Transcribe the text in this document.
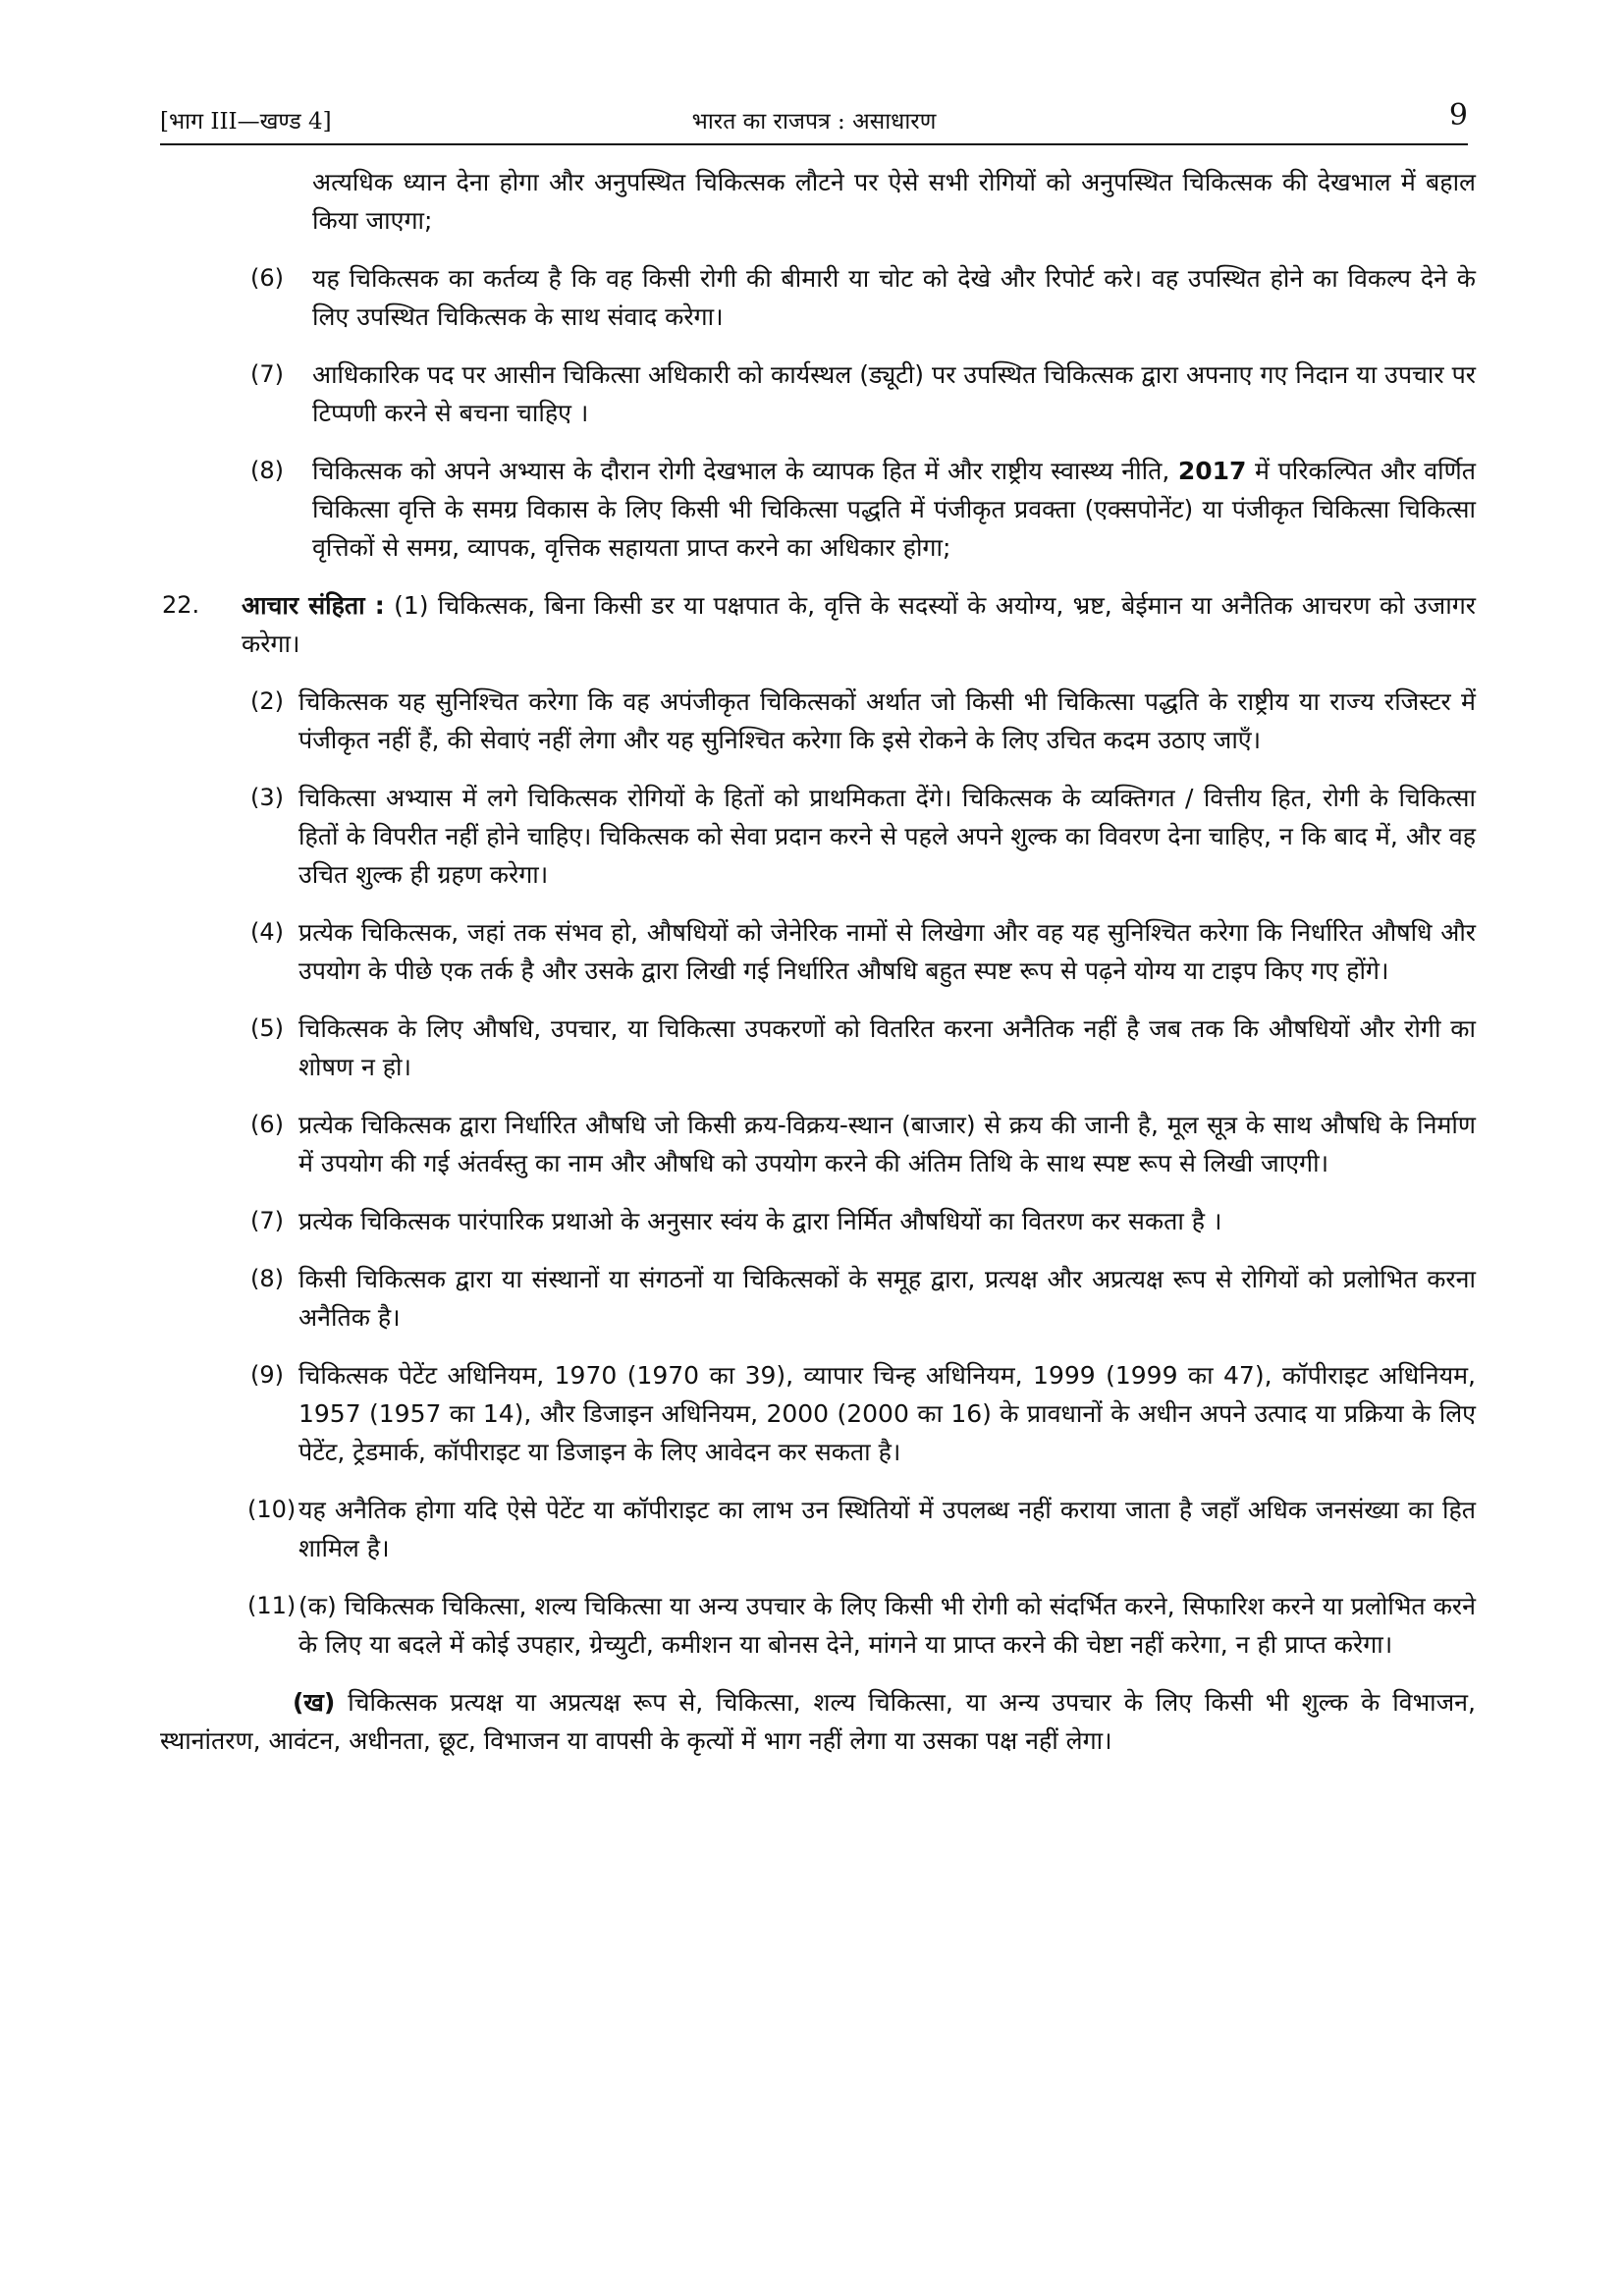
[भाग III—खण्ड 4]	भारत का राजपत्र : असाधारण	9

अत्यधिक ध्यान देना होगा और अनुपस्थित चिकित्सक लौटने पर ऐसे सभी रोगियों को अनुपस्थित चिकित्सक की देखभाल में बहाल किया जाएगा;

(6) यह चिकित्सक का कर्तव्य है कि वह किसी रोगी की बीमारी या चोट को देखे और रिपोर्ट करे। वह उपस्थित होने का विकल्प देने के लिए उपस्थित चिकित्सक के साथ संवाद करेगा।

(7) आधिकारिक पद पर आसीन चिकित्सा अधिकारी को कार्यस्थल (ड्यूटी) पर उपस्थित चिकित्सक द्वारा अपनाए गए निदान या उपचार पर टिप्पणी करने से बचना चाहिए ।

(8) चिकित्सक को अपने अभ्यास के दौरान रोगी देखभाल के व्यापक हित में और राष्ट्रीय स्वास्थ्य नीति, 2017 में परिकल्पित और वर्णित चिकित्सा वृत्ति के समग्र विकास के लिए किसी भी चिकित्सा पद्धति में पंजीकृत प्रवक्ता (एक्सपोनेंट) या पंजीकृत चिकित्सा चिकित्सा वृत्तिकों से समग्र, व्यापक, वृत्तिक सहायता प्राप्त करने का अधिकार होगा;

22. आचार संहिता : (1) चिकित्सक, बिना किसी डर या पक्षपात के, वृत्ति के सदस्यों के अयोग्य, भ्रष्ट, बेईमान या अनैतिक आचरण को उजागर करेगा।

(2) चिकित्सक यह सुनिश्चित करेगा कि वह अपंजीकृत चिकित्सकों अर्थात जो किसी भी चिकित्सा पद्धति के राष्ट्रीय या राज्य रजिस्टर में पंजीकृत नहीं हैं, की सेवाएं नहीं लेगा और यह सुनिश्चित करेगा कि इसे रोकने के लिए उचित कदम उठाए जाएँ।

(3) चिकित्सा अभ्यास में लगे चिकित्सक रोगियों के हितों को प्राथमिकता देंगे। चिकित्सक के व्यक्तिगत / वित्तीय हित, रोगी के चिकित्सा हितों के विपरीत नहीं होने चाहिए। चिकित्सक को सेवा प्रदान करने से पहले अपने शुल्क का विवरण देना चाहिए, न कि बाद में, और वह उचित शुल्क ही ग्रहण करेगा।

(4) प्रत्येक चिकित्सक, जहां तक संभव हो, औषधियों को जेनेरिक नामों से लिखेगा और वह यह सुनिश्चित करेगा कि निर्धारित औषधि और उपयोग के पीछे एक तर्क है और उसके द्वारा लिखी गई निर्धारित औषधि बहुत स्पष्ट रूप से पढ़ने योग्य या टाइप किए गए होंगे।

(5) चिकित्सक के लिए औषधि, उपचार, या चिकित्सा उपकरणों को वितरित करना अनैतिक नहीं है जब तक कि औषधियों और रोगी का शोषण न हो।

(6) प्रत्येक चिकित्सक द्वारा निर्धारित औषधि जो किसी क्रय-विक्रय-स्थान (बाजार) से क्रय की जानी है, मूल सूत्र के साथ औषधि के निर्माण में उपयोग की गई अंतर्वस्तु का नाम और औषधि को उपयोग करने की अंतिम तिथि के साथ स्पष्ट रूप से लिखी जाएगी।

(7) प्रत्येक चिकित्सक पारंपारिक प्रथाओ के अनुसार स्वंय के द्वारा निर्मित औषधियों का वितरण कर सकता है ।

(8) किसी चिकित्सक द्वारा या संस्थानों या संगठनों या चिकित्सकों के समूह द्वारा, प्रत्यक्ष और अप्रत्यक्ष रूप से रोगियों को प्रलोभित करना अनैतिक है।

(9) चिकित्सक पेटेंट अधिनियम, 1970 (1970 का 39), व्यापार चिन्ह अधिनियम, 1999 (1999 का 47), कॉपीराइट अधिनियम, 1957 (1957 का 14), और डिजाइन अधिनियम, 2000 (2000 का 16) के प्रावधानों के अधीन अपने उत्पाद या प्रक्रिया के लिए पेटेंट, ट्रेडमार्क, कॉपीराइट या डिजाइन के लिए आवेदन कर सकता है।

(10) यह अनैतिक होगा यदि ऐसे पेटेंट या कॉपीराइट का लाभ उन स्थितियों में उपलब्ध नहीं कराया जाता है जहाँ अधिक जनसंख्या का हित शामिल है।

(11) (क) चिकित्सक चिकित्सा, शल्य चिकित्सा या अन्य उपचार के लिए किसी भी रोगी को संदर्भित करने, सिफारिश करने या प्रलोभित करने के लिए या बदले में कोई उपहार, ग्रेच्युटी, कमीशन या बोनस देने, मांगने या प्राप्त करने की चेष्टा नहीं करेगा, न ही प्राप्त करेगा।

(ख) चिकित्सक प्रत्यक्ष या अप्रत्यक्ष रूप से, चिकित्सा, शल्य चिकित्सा, या अन्य उपचार के लिए किसी भी शुल्क के विभाजन, स्थानांतरण, आवंटन, अधीनता, छूट, विभाजन या वापसी के कृत्यों में भाग नहीं लेगा या उसका पक्ष नहीं लेगा।
